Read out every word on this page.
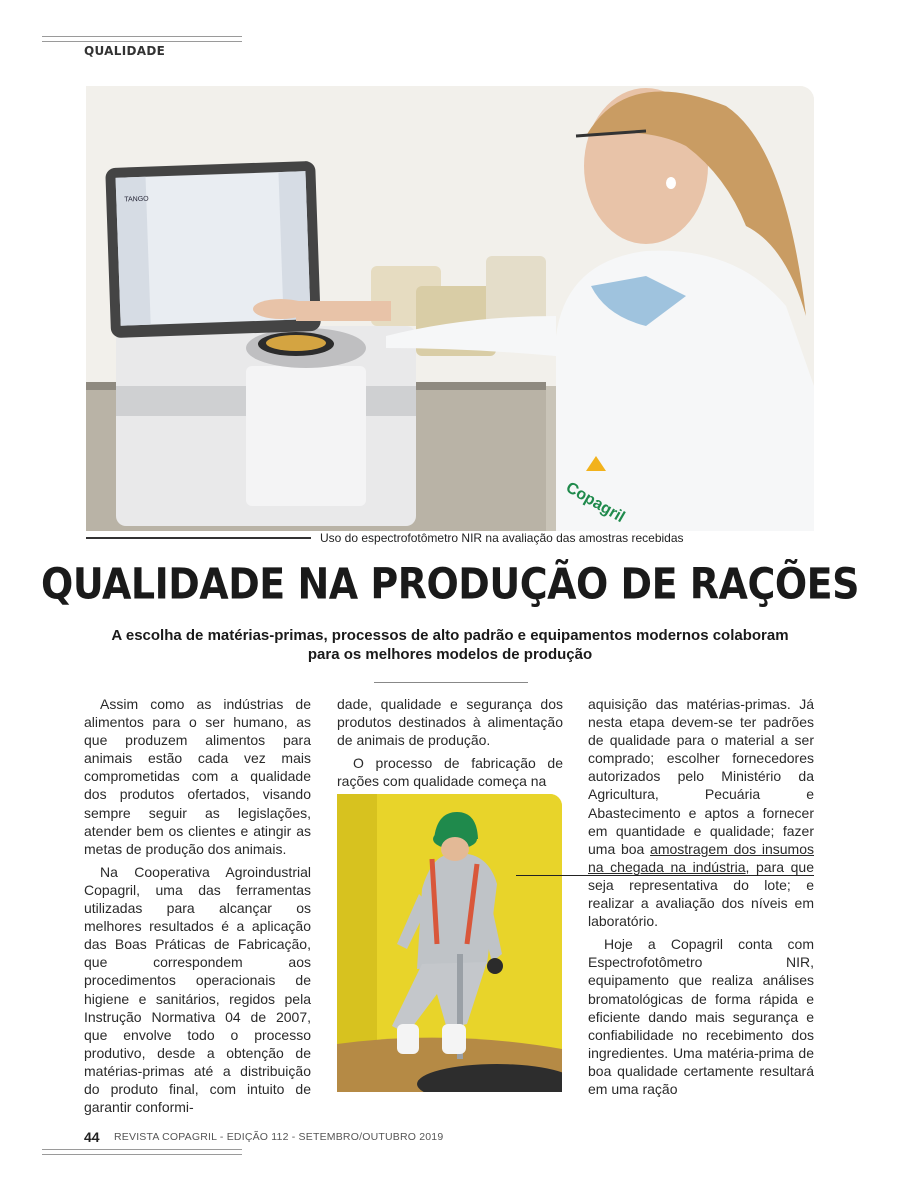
QUALIDADE
TANGO
Copagril
Uso do espectrofotômetro NIR na avaliação das amostras recebidas
QUALIDADE NA PRODUÇÃO DE RAÇÕES
A escolha de matérias-primas, processos de alto padrão e equipamentos modernos colaboram
para os melhores modelos de produção

Assim como as indústrias de alimentos para o ser humano, as que produzem alimentos para animais estão cada vez mais comprometidas com a qualidade dos produtos ofertados, visando sempre seguir as legislações, atender bem os clientes e atingir as metas de produção dos animais.

Na Cooperativa Agroindustrial Copagril, uma das ferramentas utilizadas para alcançar os melhores resultados é a aplicação das Boas Práticas de Fabricação, que correspondem aos procedimentos operacionais de higiene e sanitários, regidos pela Instrução Normativa 04 de 2007, que envolve todo o processo produtivo, desde a obtenção de matérias-primas até a distribuição do produto final, com intuito de garantir conformi-

dade, qualidade e segurança dos produtos destinados à alimentação de animais de produção.

O processo de fabricação de rações com qualidade começa na

aquisição das matérias-primas. Já nesta etapa devem-se ter padrões de qualidade para o material a ser comprado; escolher fornecedores autorizados pelo Ministério da Agricultura, Pecuária e Abastecimento e aptos a fornecer em quantidade e qualidade; fazer uma boa amostragem dos insumos na chegada na indústria, para que seja representativa do lote; e realizar a avaliação dos níveis em laboratório.

Hoje a Copagril conta com Espectrofotômetro NIR, equipamento que realiza análises bromatológicas de forma rápida e eficiente dando mais segurança e confiabilidade no recebimento dos ingredientes. Uma matéria-prima de boa qualidade certamente resultará em uma ração

44 REVISTA COPAGRIL - EDIÇÃO 112 - SETEMBRO/OUTUBRO 2019
